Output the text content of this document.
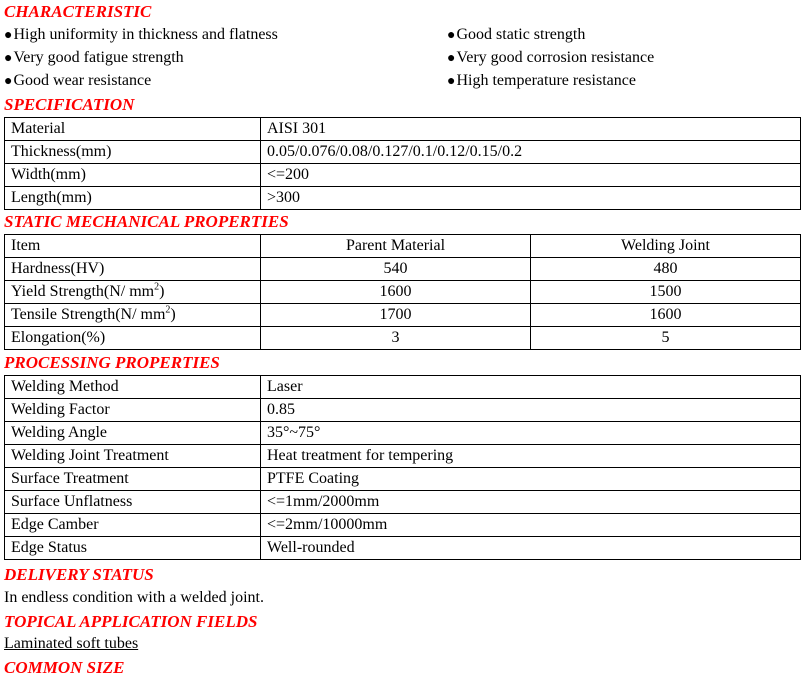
CHARACTERISTIC
●High uniformity in thickness and flatness	●Good static strength
●Very good fatigue strength	●Very good corrosion resistance
●Good wear resistance	●High temperature resistance
SPECIFICATION
Material	AISI 301
Thickness(mm)	0.05/0.076/0.08/0.127/0.1/0.12/0.15/0.2
Width(mm)	<=200
Length(mm)	>300
STATIC MECHANICAL PROPERTIES
Item	Parent Material	Welding Joint
Hardness(HV)	540	480
Yield Strength(N/ $mm^2$)	1600	1500
Tensile Strength(N/ $mm^2$)	1700	1600
Elongation(%)	3	5
PROCESSING PROPERTIES
Welding Method	Laser
Welding Factor	0.85
Welding Angle	35°~75°
Welding Joint Treatment	Heat treatment for tempering
Surface Treatment	PTFE Coating
Surface Unflatness	<=1mm/2000mm
Edge Camber	<=2mm/10000mm
Edge Status	Well-rounded
DELIVERY STATUS
In endless condition with a welded joint.
TOPICAL APPLICATION FIELDS
Laminated soft tubes
COMMON SIZE
